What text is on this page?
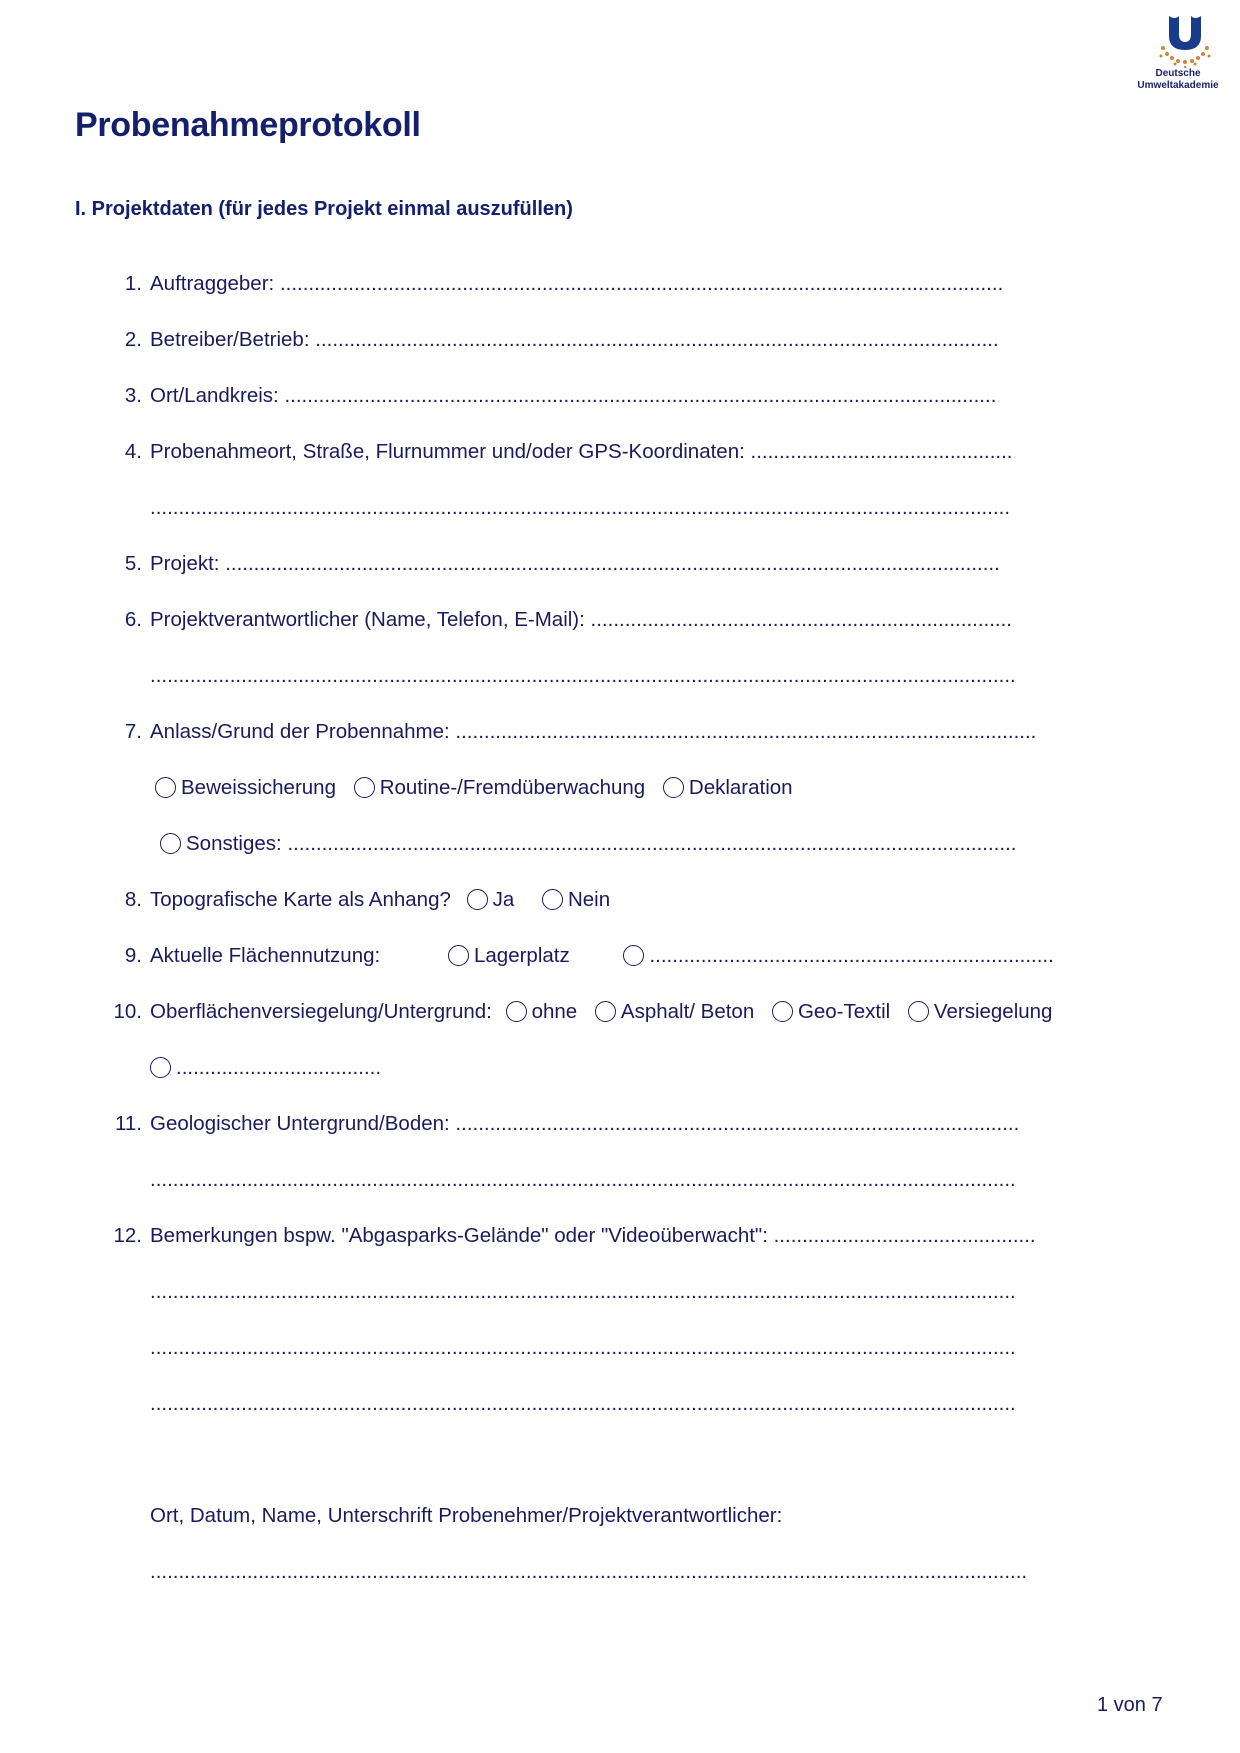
Deutsche
Umweltakademie
Probenahmeprotokoll
I. Projektdaten (für jedes Projekt einmal auszufüllen)
1. Auftraggeber: ...............................................................................................................................
2. Betreiber/Betrieb: ........................................................................................................................
3. Ort/Landkreis: .............................................................................................................................
4. Probenahmeort, Straße, Flurnummer und/oder GPS-Koordinaten: ..............................................
.......................................................................................................................................................
5. Projekt: ........................................................................................................................................
6. Projektverantwortlicher (Name, Telefon, E-Mail): ..........................................................................
........................................................................................................................................................
7. Anlass/Grund der Probennahme: ......................................................................................................
Beweissicherung Routine-/Fremdüberwachung Deklaration
Sonstiges: ................................................................................................................................
8. Topografische Karte als Anhang? Ja	Nein
9. Aktuelle Flächennutzung:	Lagerplatz	.......................................................................
10. Oberflächenversiegelung/Untergrund: ohne Asphalt/ Beton Geo-Textil Versiegelung
....................................
11. Geologischer Untergrund/Boden: ...................................................................................................
........................................................................................................................................................
12. Bemerkungen bspw. "Abgasparks-Gelände" oder "Videoüberwacht": ..............................................
........................................................................................................................................................
........................................................................................................................................................
........................................................................................................................................................
Ort, Datum, Name, Unterschrift Probenehmer/Projektverantwortlicher:
..........................................................................................................................................................
1 von 7
